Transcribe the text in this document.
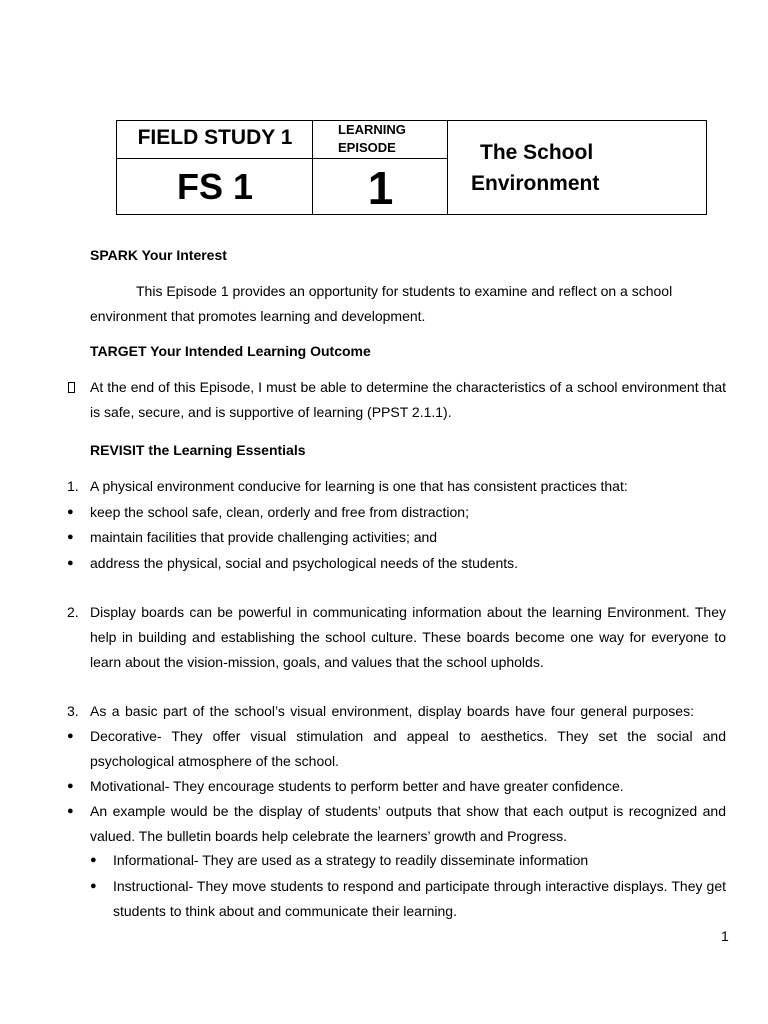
FIELD STUDY 1
FS 1
LEARNING
EPISODE
1
The School
Environment
SPARK Your Interest
This Episode 1 provides an opportunity for students to examine and reflect on a school
environment that promotes learning and development.
TARGET Your Intended Learning Outcome
At the end of this Episode, I must be able to determine the characteristics of a school environment that is safe, secure, and is supportive of learning (PPST 2.1.1).
REVISIT the Learning Essentials
1. A physical environment conducive for learning is one that has consistent practices that:
● keep the school safe, clean, orderly and free from distraction;
● maintain facilities that provide challenging activities; and
● address the physical, social and psychological needs of the students.
2. Display boards can be powerful in communicating information about the learning Environment. They help in building and establishing the school culture. These boards become one way for everyone to learn about the vision-mission, goals, and values that the school upholds.
3. As a basic part of the school’s visual environment, display boards have four general purposes:
● Decorative- They offer visual stimulation and appeal to aesthetics. They set the social and psychological atmosphere of the school.
● Motivational- They encourage students to perform better and have greater confidence.
● An example would be the display of students’ outputs that show that each output is recognized and valued. The bulletin boards help celebrate the learners’ growth and Progress.
● Informational- They are used as a strategy to readily disseminate information
● Instructional- They move students to respond and participate through interactive displays. They get students to think about and communicate their learning.
1
